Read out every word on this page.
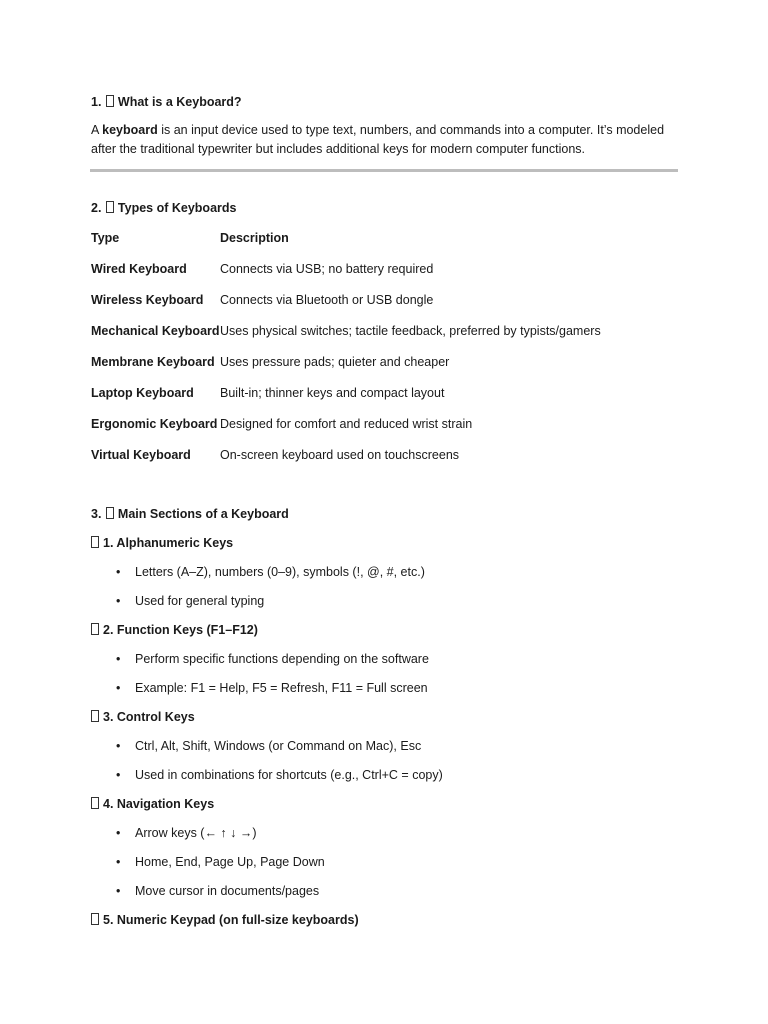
1. What is a Keyboard?
A keyboard is an input device used to type text, numbers, and commands into a computer. It’s modeled
after the traditional typewriter but includes additional keys for modern computer functions.
2. Types of Keyboards
Type	Description
Wired Keyboard	Connects via USB; no battery required
Wireless Keyboard Connects via Bluetooth or USB dongle
Mechanical Keyboard Uses physical switches; tactile feedback, preferred by typists/gamers
Membrane Keyboard Uses pressure pads; quieter and cheaper
Laptop Keyboard Built-in; thinner keys and compact layout
Ergonomic Keyboard Designed for comfort and reduced wrist strain
Virtual Keyboard On-screen keyboard used on touchscreens
3. Main Sections of a Keyboard
1. Alphanumeric Keys
• Letters (A–Z), numbers (0–9), symbols (!, @, #, etc.)
• Used for general typing
2. Function Keys (F1–F12)
• Perform specific functions depending on the software
• Example: F1 = Help, F5 = Refresh, F11 = Full screen
3. Control Keys
• Ctrl, Alt, Shift, Windows (or Command on Mac), Esc
• Used in combinations for shortcuts (e.g., Ctrl+C = copy)
4. Navigation Keys
• Arrow keys (← ↑ ↓ →)
• Home, End, Page Up, Page Down
• Move cursor in documents/pages
5. Numeric Keypad (on full-size keyboards)
